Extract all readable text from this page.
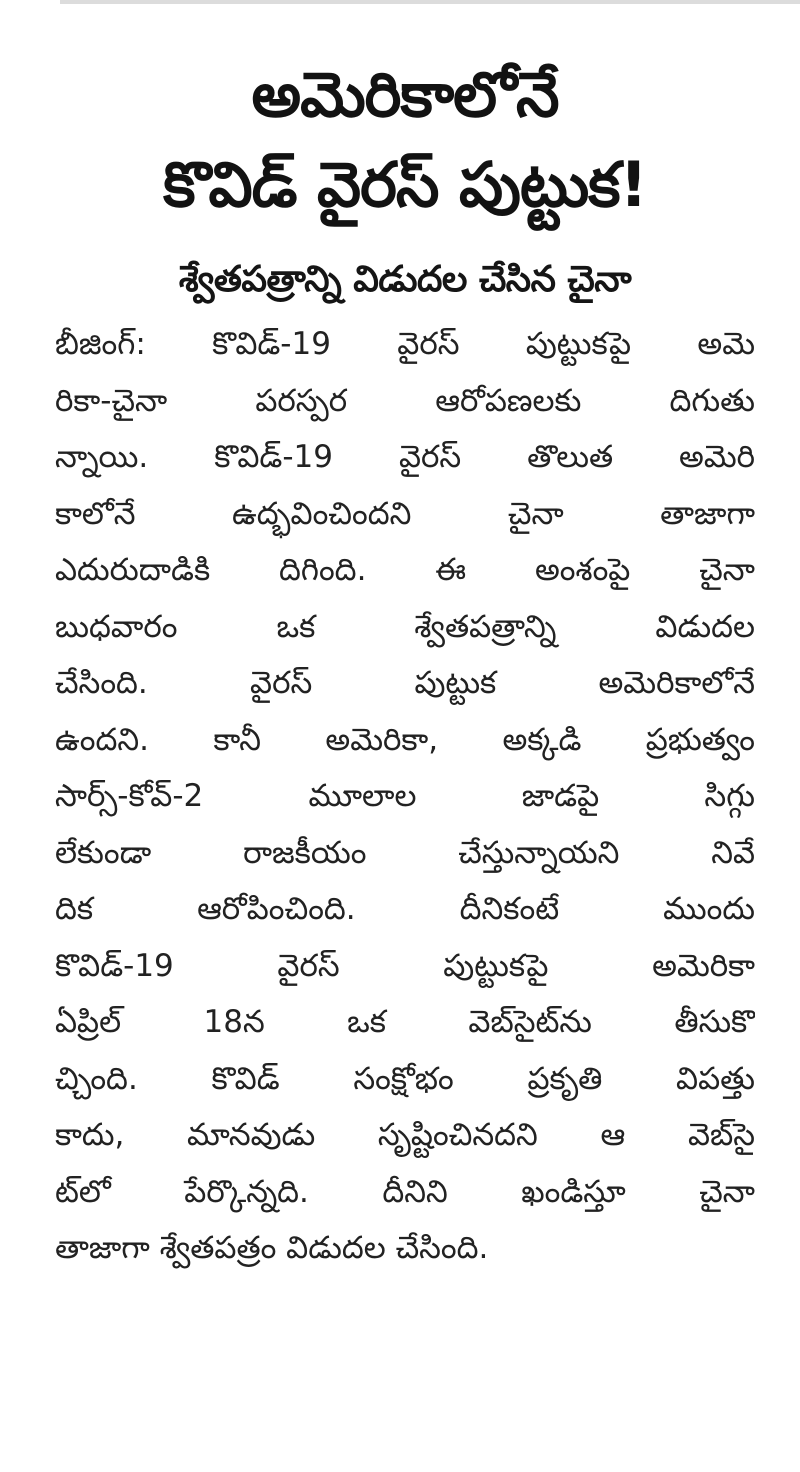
అమెరికాలోనే
కొవిడ్ వైరస్ పుట్టుక!
శ్వేతపత్రాన్ని విడుదల చేసిన చైనా
బీజింగ్: కొవిడ్-19 వైరస్ పుట్టుకపై అమె
రికా-చైనా పరస్పర ఆరోపణలకు దిగుతు
న్నాయి. కొవిడ్-19 వైరస్ తొలుత అమెరి
కాలోనే ఉద్భవించిందని చైనా తాజాగా
ఎదురుదాడికి దిగింది. ఈ అంశంపై చైనా
బుధవారం ఒక శ్వేతపత్రాన్ని విడుదల
చేసింది. వైరస్ పుట్టుక అమెరికాలోనే
ఉందని. కానీ అమెరికా, అక్కడి ప్రభుత్వం
సార్స్-కోవ్-2 మూలాల జాడపై సిగ్గు
లేకుండా రాజకీయం చేస్తున్నాయని నివే
దిక ఆరోపించింది. దీనికంటే ముందు
కొవిడ్-19 వైరస్ పుట్టుకపై అమెరికా
ఏప్రిల్ 18న ఒక వెబ్‌సైట్‌ను తీసుకొ
చ్చింది. కొవిడ్ సంక్షోభం ప్రకృతి విపత్తు
కాదు, మానవుడు సృష్టించినదని ఆ వెబ్‌సై
ట్‌లో పేర్కొన్నది. దీనిని ఖండిస్తూ చైనా
తాజాగా శ్వేతపత్రం విడుదల చేసింది.
